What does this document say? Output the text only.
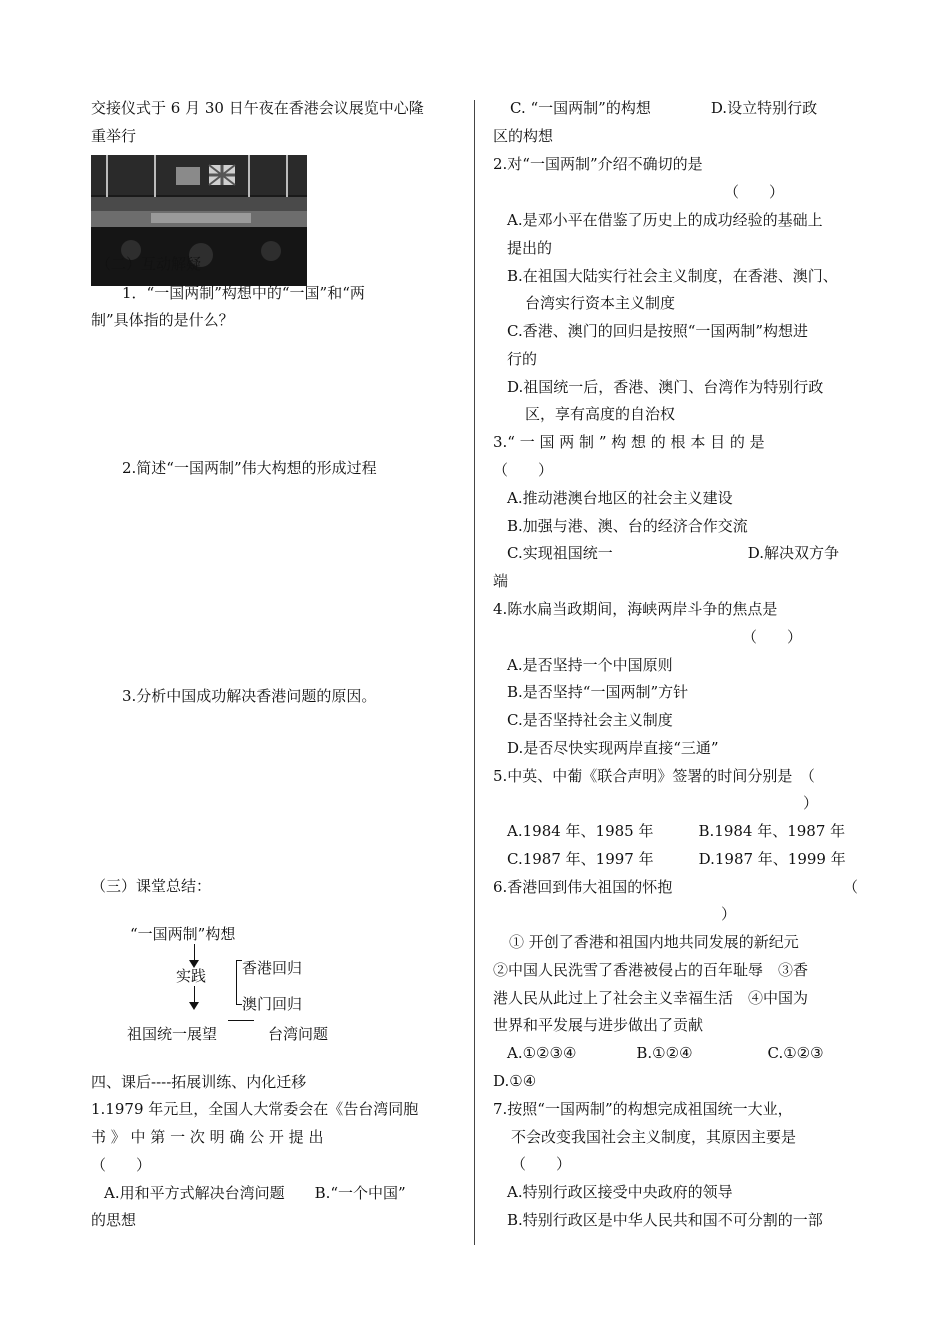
交接仪式于 6 月 30 日午夜在香港会议展览中心隆
重举行
（二）互动解疑
1．“一国两制”构想中的“一国”和“两
制”具体指的是什么？
2.简述“一国两制”伟大构想的形成过程
3.分析中国成功解决香港问题的原因。
（三）课堂总结：
“一国两制”构想
实践 香港回归
澳门回归
祖国统一展望	台湾问题
四、课后----拓展训练、内化迁移
1.1979 年元旦，全国人大常委会在《告台湾同胞
书 》 中 第 一 次 明 确 公 开 提 出
（　　）
A.用和平方式解决台湾问题　　B.“一个中国”
的思想
C. “一国两制”的构想　　　　D.设立特别行政
区的构想
2.对“一国两制”介绍不确切的是
（　　）
A.是邓小平在借鉴了历史上的成功经验的基础上
提出的
B.在祖国大陆实行社会主义制度，在香港、澳门、
台湾实行资本主义制度
C.香港、澳门的回归是按照“一国两制”构想进
行的
D.祖国统一后，香港、澳门、台湾作为特别行政
区，享有高度的自治权
3.“ 一 国 两 制 ” 构 想 的 根 本 目 的 是
（　　）
A.推动港澳台地区的社会主义建设
B.加强与港、澳、台的经济合作交流
C.实现祖国统一　　　　　　　　　D.解决双方争
端
4.陈水扁当政期间，海峡两岸斗争的焦点是
（　　）
A.是否坚持一个中国原则
B.是否坚持“一国两制”方针
C.是否坚持社会主义制度
D.是否尽快实现两岸直接“三通”
5.中英、中葡《联合声明》签署的时间分别是　（
）
A.1984 年、1985 年　　　B.1984 年、1987 年
C.1987 年、1997 年　　　D.1987 年、1999 年
6.香港回到伟大祖国的怀抱	（
）
① 开创了香港和祖国内地共同发展的新纪元
②中国人民洗雪了香港被侵占的百年耻辱　③香
港人民从此过上了社会主义幸福生活　④中国为
世界和平发展与进步做出了贡献
A.①②③④　　　　B.①②④　　　　　C.①②③
D.①④
7.按照“一国两制”的构想完成祖国统一大业，
不会改变我国社会主义制度，其原因主要是
（　　）
A.特别行政区接受中央政府的领导
B.特别行政区是中华人民共和国不可分割的一部
